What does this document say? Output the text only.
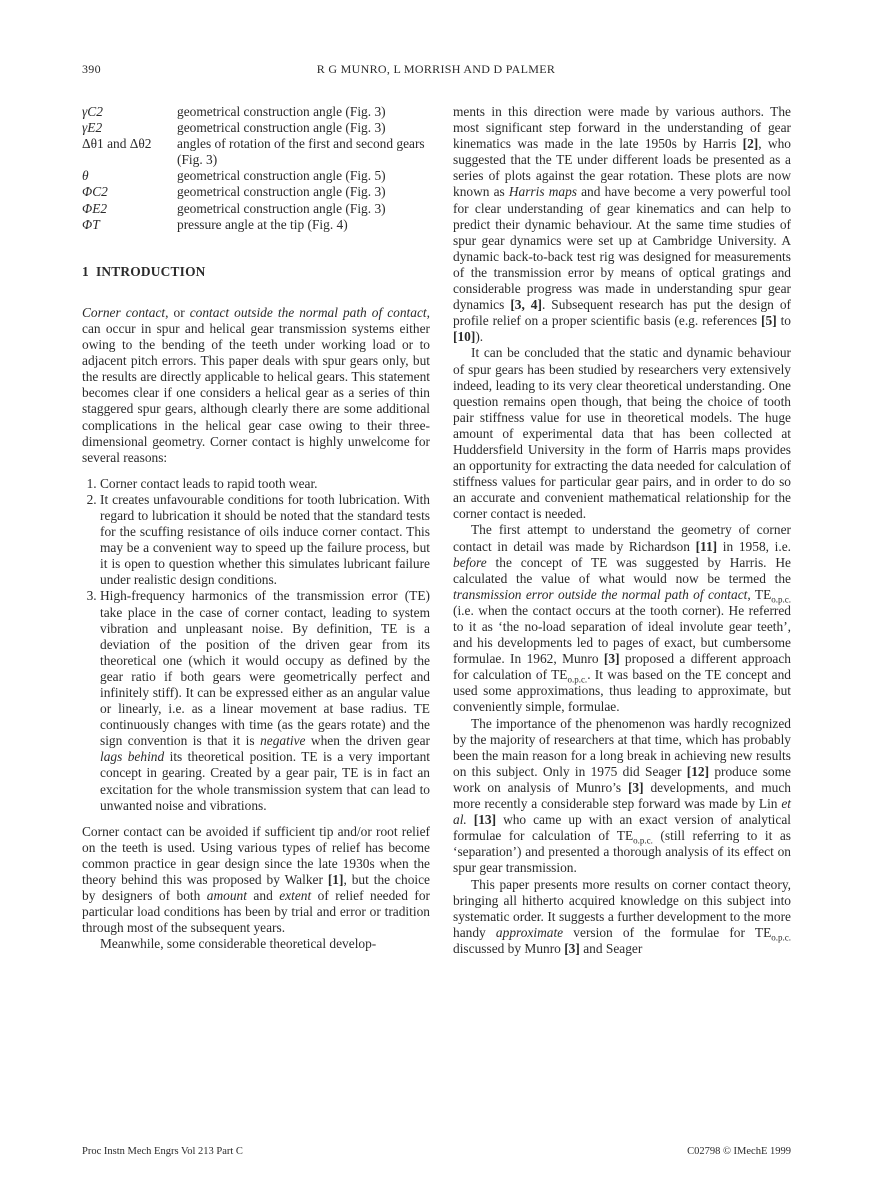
390	R G MUNRO, L MORRISH AND D PALMER
γC2	geometrical construction angle (Fig. 3)
γE2	geometrical construction angle (Fig. 3)
Δθ1 and Δθ2	angles of rotation of the first and second gears (Fig. 3)
θ	geometrical construction angle (Fig. 5)
ΦC2	geometrical construction angle (Fig. 3)
ΦE2	geometrical construction angle (Fig. 3)
ΦT	pressure angle at the tip (Fig. 4)
1 INTRODUCTION

Corner contact, or contact outside the normal path of contact, can occur in spur and helical gear transmission systems either owing to the bending of the teeth under working load or to adjacent pitch errors. This paper deals with spur gears only, but the results are directly applicable to helical gears. This statement becomes clear if one considers a helical gear as a series of thin staggered spur gears, although clearly there are some additional complications in the helical gear case owing to their three-dimensional geometry. Corner contact is highly unwelcome for several reasons:

1. Corner contact leads to rapid tooth wear.
2. It creates unfavourable conditions for tooth lubrication. With regard to lubrication it should be noted that the standard tests for the scuffing resistance of oils induce corner contact. This may be a convenient way to speed up the failure process, but it is open to question whether this simulates lubricant failure under realistic design conditions.
3. High-frequency harmonics of the transmission error (TE) take place in the case of corner contact, leading to system vibration and unpleasant noise. By definition, TE is a deviation of the position of the driven gear from its theoretical one (which it would occupy as defined by the gear ratio if both gears were geometrically perfect and infinitely stiff). It can be expressed either as an angular value or linearly, i.e. as a linear movement at base radius. TE continuously changes with time (as the gears rotate) and the sign convention is that it is negative when the driven gear lags behind its theoretical position. TE is a very important concept in gearing. Created by a gear pair, TE is in fact an excitation for the whole transmission system that can lead to unwanted noise and vibrations.

Corner contact can be avoided if sufficient tip and/or root relief on the teeth is used. Using various types of relief has become common practice in gear design since the late 1930s when the theory behind this was proposed by Walker [1], but the choice by designers of both amount and extent of relief needed for particular load conditions has been by trial and error or tradition through most of the subsequent years.

Meanwhile, some considerable theoretical develop-

ments in this direction were made by various authors. The most significant step forward in the understanding of gear kinematics was made in the late 1950s by Harris [2], who suggested that the TE under different loads be presented as a series of plots against the gear rotation. These plots are now known as Harris maps and have become a very powerful tool for clear understanding of gear kinematics and can help to predict their dynamic behaviour. At the same time studies of spur gear dynamics were set up at Cambridge University. A dynamic back-to-back test rig was designed for measurements of the transmission error by means of optical gratings and considerable progress was made in understanding spur gear dynamics [3, 4]. Subsequent research has put the design of profile relief on a proper scientific basis (e.g. references [5] to [10]).

It can be concluded that the static and dynamic behaviour of spur gears has been studied by researchers very extensively indeed, leading to its very clear theoretical understanding. One question remains open though, that being the choice of tooth pair stiffness value for use in theoretical models. The huge amount of experimental data that has been collected at Huddersfield University in the form of Harris maps provides an opportunity for extracting the data needed for calculation of stiffness values for particular gear pairs, and in order to do so an accurate and convenient mathematical relationship for the corner contact is needed.

The first attempt to understand the geometry of corner contact in detail was made by Richardson [11] in 1958, i.e. before the concept of TE was suggested by Harris. He calculated the value of what would now be termed the transmission error outside the normal path of contact, $TE_{o.p.c.}$ (i.e. when the contact occurs at the tooth corner). He referred to it as ‘the no-load separation of ideal involute gear teeth’, and his developments led to pages of exact, but cumbersome formulae. In 1962, Munro [3] proposed a different approach for calculation of $TE_{o.p.c.}$. It was based on the TE concept and used some approximations, thus leading to approximate, but conveniently simple, formulae.

The importance of the phenomenon was hardly recognized by the majority of researchers at that time, which has probably been the main reason for a long break in achieving new results on this subject. Only in 1975 did Seager [12] produce some work on analysis of Munro’s [3] developments, and much more recently a considerable step forward was made by Lin et al. [13] who came up with an exact version of analytical formulae for calculation of $TE_{o.p.c.}$ (still referring to it as ‘separation’) and presented a thorough analysis of its effect on spur gear transmission.

This paper presents more results on corner contact theory, bringing all hitherto acquired knowledge on this subject into systematic order. It suggests a further development to the more handy approximate version of the formulae for $TE_{o.p.c.}$ discussed by Munro [3] and Seager

Proc Instn Mech Engrs Vol 213 Part C	C02798 © IMechE 1999
